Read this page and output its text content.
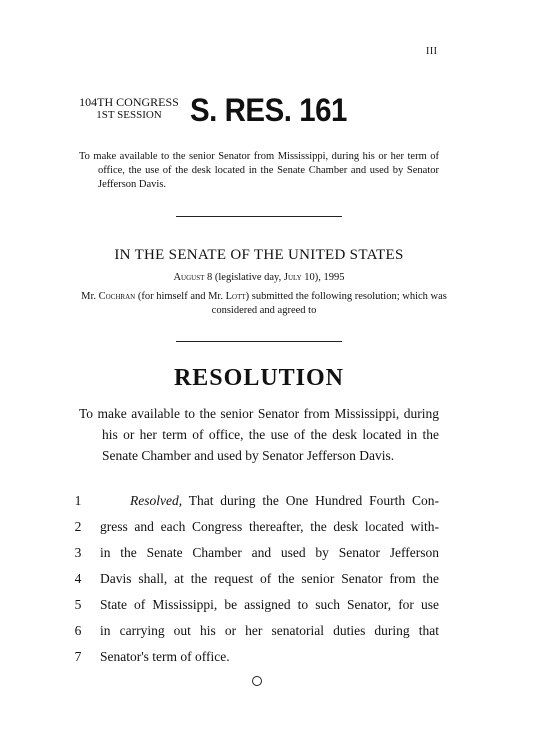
III
104TH CONGRESS
1ST SESSION S. RES. 161
To make available to the senior Senator from Mississippi, during his or her term of office, the use of the desk located in the Senate Chamber and used by Senator Jefferson Davis.
IN THE SENATE OF THE UNITED STATES
August 8 (legislative day, July 10), 1995
Mr. Cochran (for himself and Mr. Lott) submitted the following resolution; which was considered and agreed to
RESOLUTION
To make available to the senior Senator from Mississippi, during his or her term of office, the use of the desk located in the Senate Chamber and used by Senator Jefferson Davis.
1	Resolved, That during the One Hundred Fourth Con-
2	gress and each Congress thereafter, the desk located with-
3	in the Senate Chamber and used by Senator Jefferson
4	Davis shall, at the request of the senior Senator from the
5	State of Mississippi, be assigned to such Senator, for use
6	in carrying out his or her senatorial duties during that
7	Senator's term of office.
